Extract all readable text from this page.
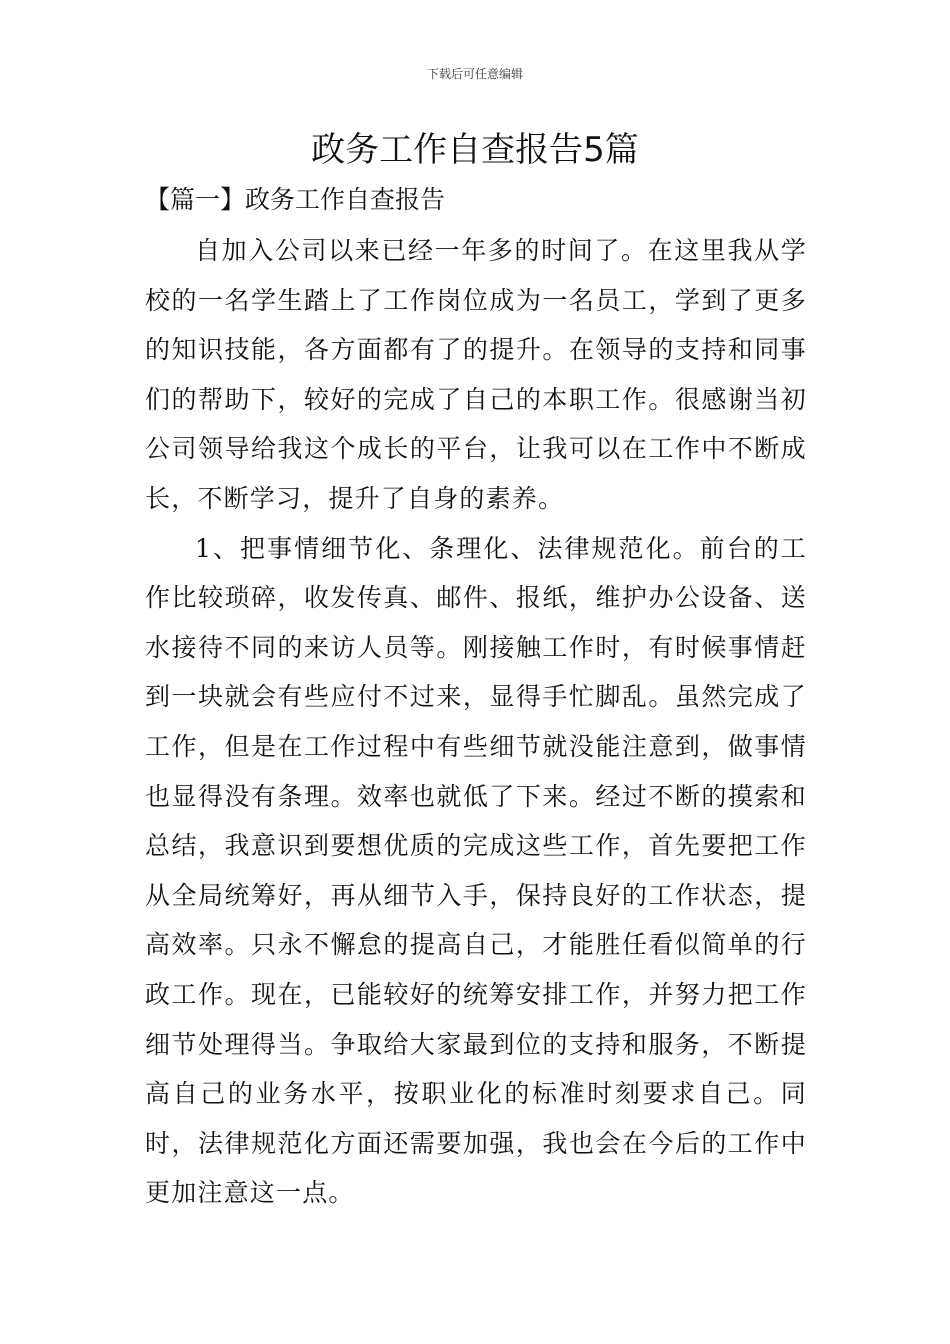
下载后可任意编辑
政务工作自查报告5篇
【篇一】政务工作自查报告

自加入公司以来已经一年多的时间了。在这里我从学校的一名学生踏上了工作岗位成为一名员工，学到了更多的知识技能，各方面都有了的提升。在领导的支持和同事们的帮助下，较好的完成了自己的本职工作。很感谢当初公司领导给我这个成长的平台，让我可以在工作中不断成长，不断学习，提升了自身的素养。

1、把事情细节化、条理化、法律规范化。前台的工作比较琐碎，收发传真、邮件、报纸，维护办公设备、送水接待不同的来访人员等。刚接触工作时，有时候事情赶到一块就会有些应付不过来，显得手忙脚乱。虽然完成了工作，但是在工作过程中有些细节就没能注意到，做事情也显得没有条理。效率也就低了下来。经过不断的摸索和总结，我意识到要想优质的完成这些工作，首先要把工作从全局统筹好，再从细节入手，保持良好的工作状态，提高效率。只永不懈怠的提高自己，才能胜任看似简单的行政工作。现在，已能较好的统筹安排工作，并努力把工作细节处理得当。争取给大家最到位的支持和服务，不断提高自己的业务水平，按职业化的标准时刻要求自己。同时，法律规范化方面还需要加强，我也会在今后的工作中更加注意这一点。
